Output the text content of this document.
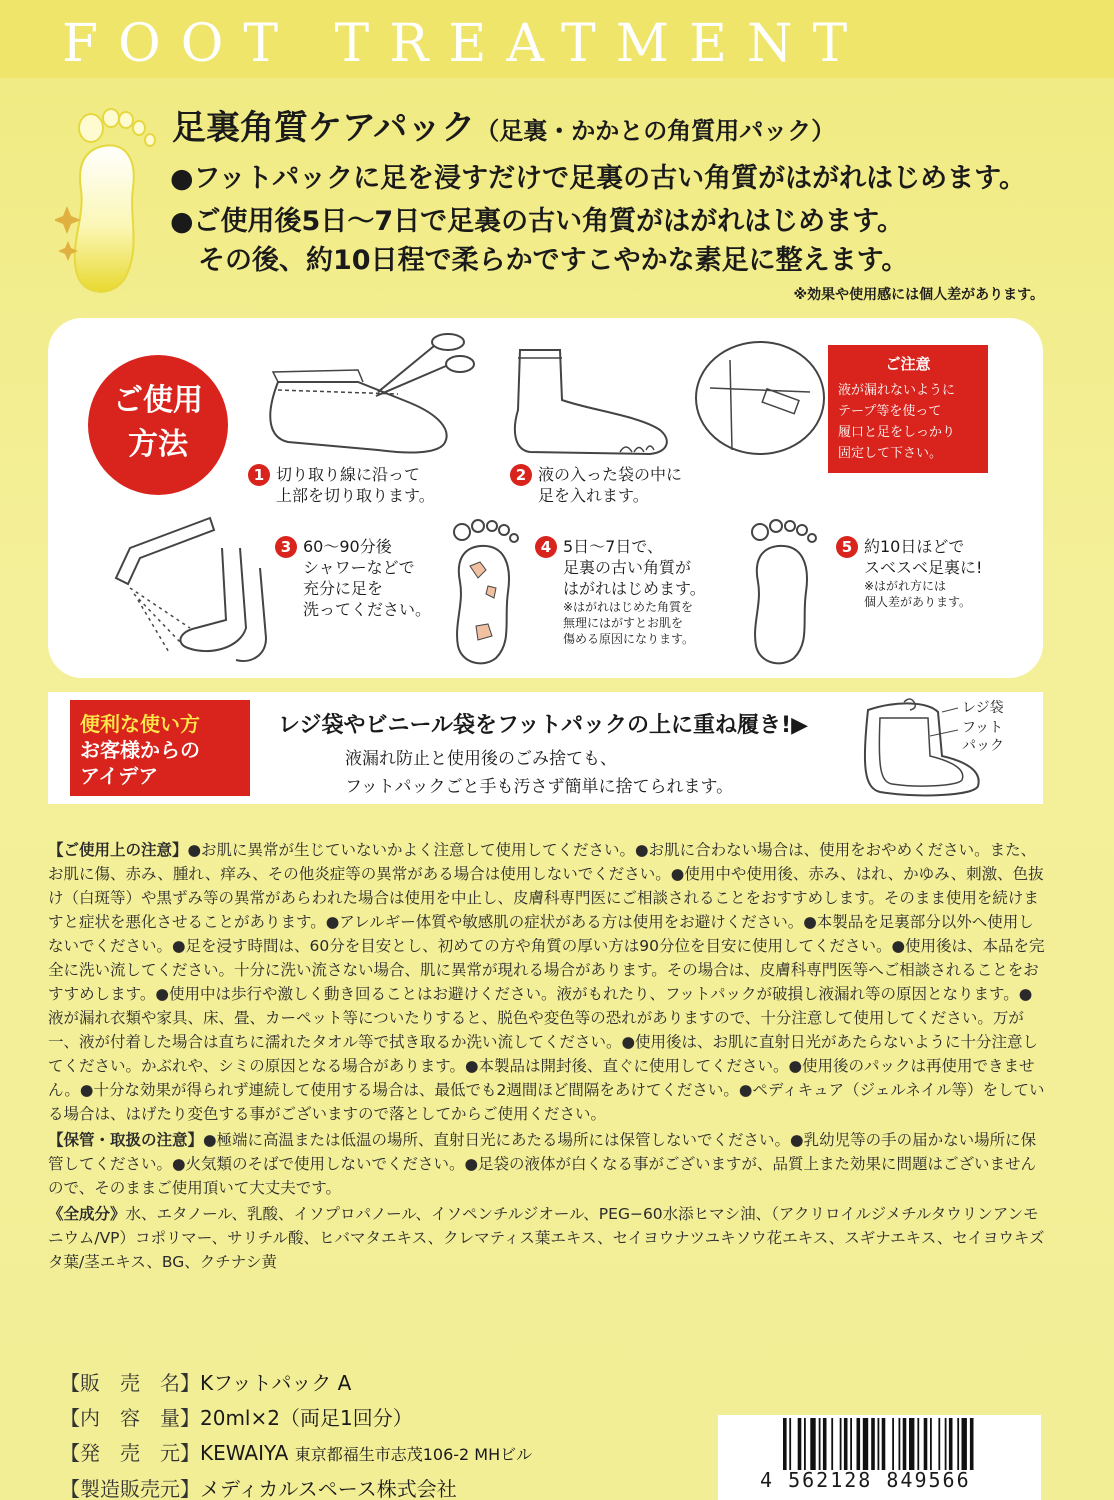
FOOT TREATMENT
足裏角質ケアパック（足裏・かかとの角質用パック）
●フットパックに足を浸すだけで足裏の古い角質がはがれはじめます。
●ご使用後5日～7日で足裏の古い角質がはがれはじめます。
その後、約10日程で柔らかですこやかな素足に整えます。
※効果や使用感には個人差があります。
ご使用
方法
ご注意
液が漏れないように
テープ等を使って
履口と足をしっかり
固定して下さい。
1 切り取り線に沿って
上部を切り取ります。
2 液の入った袋の中に
足を入れます。
3 60～90分後
シャワーなどで
充分に足を
洗ってください。
4 5日～7日で、
足裏の古い角質が
はがれはじめます。
※はがれはじめた角質を
無理にはがすとお肌を
傷める原因になります。
5 約10日ほどで
スベスベ足裏に!
※はがれ方には
個人差があります。
便利な使い方
お客様からの
アイデア
レジ袋やビニール袋をフットパックの上に重ね履き!▶
液漏れ防止と使用後のごみ捨ても、
フットパックごと手も汚さず簡単に捨てられます。
レジ袋
フット
パック

【ご使用上の注意】●お肌に異常が生じていないかよく注意して使用してください。●お肌に合わない場合は、使用をおやめください。また、お肌に傷、赤み、腫れ、痒み、その他炎症等の異常がある場合は使用しないでください。●使用中や使用後、赤み、はれ、かゆみ、刺激、色抜け（白斑等）や黒ずみ等の異常があらわれた場合は使用を中止し、皮膚科専門医にご相談されることをおすすめします。そのまま使用を続けますと症状を悪化させることがあります。●アレルギー体質や敏感肌の症状がある方は使用をお避けください。●本製品を足裏部分以外へ使用しないでください。●足を浸す時間は、60分を目安とし、初めての方や角質の厚い方は90分位を目安に使用してください。●使用後は、本品を完全に洗い流してください。十分に洗い流さない場合、肌に異常が現れる場合があります。その場合は、皮膚科専門医等へご相談されることをおすすめします。●使用中は歩行や激しく動き回ることはお避けください。液がもれたり、フットパックが破損し液漏れ等の原因となります。●液が漏れ衣類や家具、床、畳、カーペット等についたりすると、脱色や変色等の恐れがありますので、十分注意して使用してください。万が一、液が付着した場合は直ちに濡れたタオル等で拭き取るか洗い流してください。●使用後は、お肌に直射日光があたらないように十分注意してください。かぶれや、シミの原因となる場合があります。●本製品は開封後、直ぐに使用してください。●使用後のパックは再使用できません。●十分な効果が得られず連続して使用する場合は、最低でも2週間ほど間隔をあけてください。●ペディキュア（ジェルネイル等）をしている場合は、はげたり変色する事がございますので落としてからご使用ください。

【保管・取扱の注意】●極端に高温または低温の場所、直射日光にあたる場所には保管しないでください。●乳幼児等の手の届かない場所に保管してください。●火気類のそばで使用しないでください。●足袋の液体が白くなる事がございますが、品質上また効果に問題はございませんので、そのままご使用頂いて大丈夫です。

《全成分》水、エタノール、乳酸、イソプロパノール、イソペンチルジオール、PEG−60水添ヒマシ油、（アクリロイルジメチルタウリンアンモニウム/VP）コポリマー、サリチル酸、ヒバマタエキス、クレマティス葉エキス、セイヨウナツユキソウ花エキス、スギナエキス、セイヨウキズタ葉/茎エキス、BG、クチナシ黄

【販　売　名】Kフットパック A
【内　容　量】20ml×2（両足1回分）
【発　売　元】KEWAIYA 東京都福生市志茂106-2 MHビル
【製造販売元】メディカルスペース株式会社	4 562128 849566
